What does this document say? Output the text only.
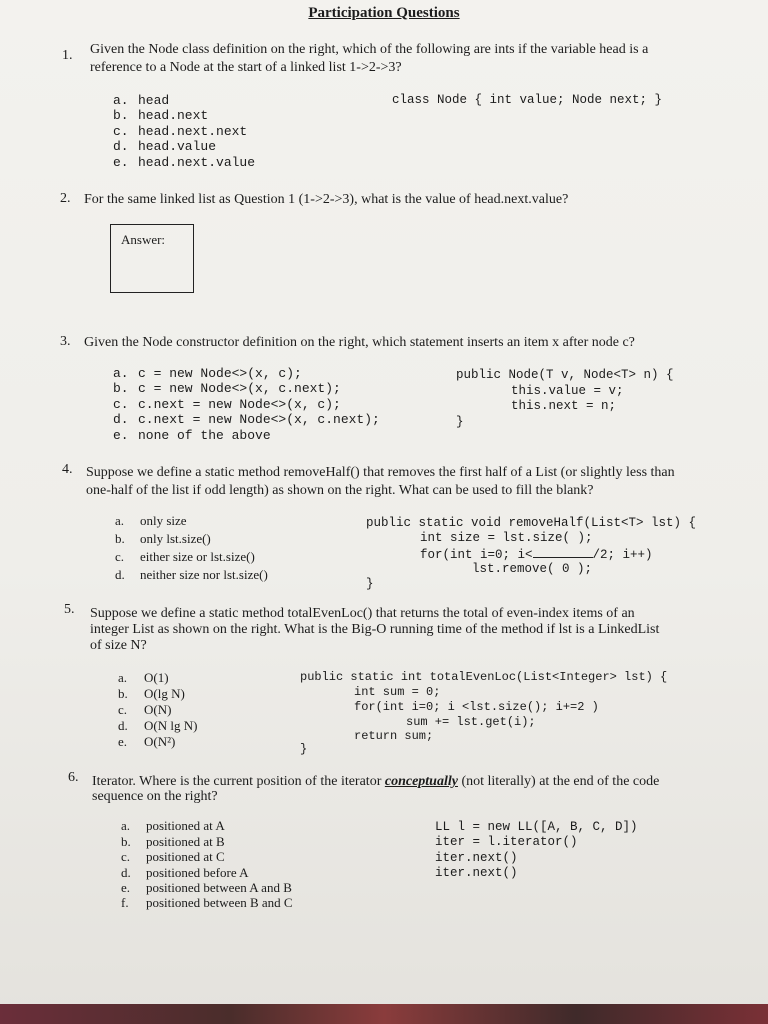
Participation Questions
1. Given the Node class definition on the right, which of the following are ints if the variable head is a
reference to a Node at the start of a linked list 1->2->3?
a. head
b. head.next
c. head.next.next
d. head.value
e. head.next.value
class Node { int value; Node next; }
2. For the same linked list as Question 1 (1->2->3), what is the value of head.next.value?
Answer:
3. Given the Node constructor definition on the right, which statement inserts an item x after node c?
a. c = new Node<>(x, c);
b. c = new Node<>(x, c.next);
c. c.next = new Node<>(x, c);
d. c.next = new Node<>(x, c.next);
e. none of the above
public Node(T v, Node<T> n) {
this.value = v;
this.next = n;
}
4. Suppose we define a static method removeHalf() that removes the first half of a List (or slightly less than
one-half of the list if odd length) as shown on the right. What can be used to fill the blank?
a. only size
b. only lst.size()
c. either size or lst.size()
d. neither size nor lst.size()
public static void removeHalf(List<T> lst) {
int size = lst.size( );
for(int i=0; i<	/2; i++)
lst.remove( 0 );
}
5. Suppose we define a static method totalEvenLoc() that returns the total of even-index items of an
integer List as shown on the right. What is the Big-O running time of the method if lst is a LinkedList
of size N?
a. O(1)
b. O(lg N)
c. O(N)
d. O(N lg N)
e. O(N²)
public static int totalEvenLoc(List<Integer> lst) {
int sum = 0;
for(int i=0; i <lst.size(); i+=2 )
sum += lst.get(i);
return sum;
}
6. Iterator. Where is the current position of the iterator conceptually (not literally) at the end of the code
sequence on the right?
a. positioned at A
b. positioned at B
c. positioned at C
d. positioned before A
e. positioned between A and B
f. positioned between B and C
LL l = new LL([A, B, C, D])
iter = l.iterator()
iter.next()
iter.next()
